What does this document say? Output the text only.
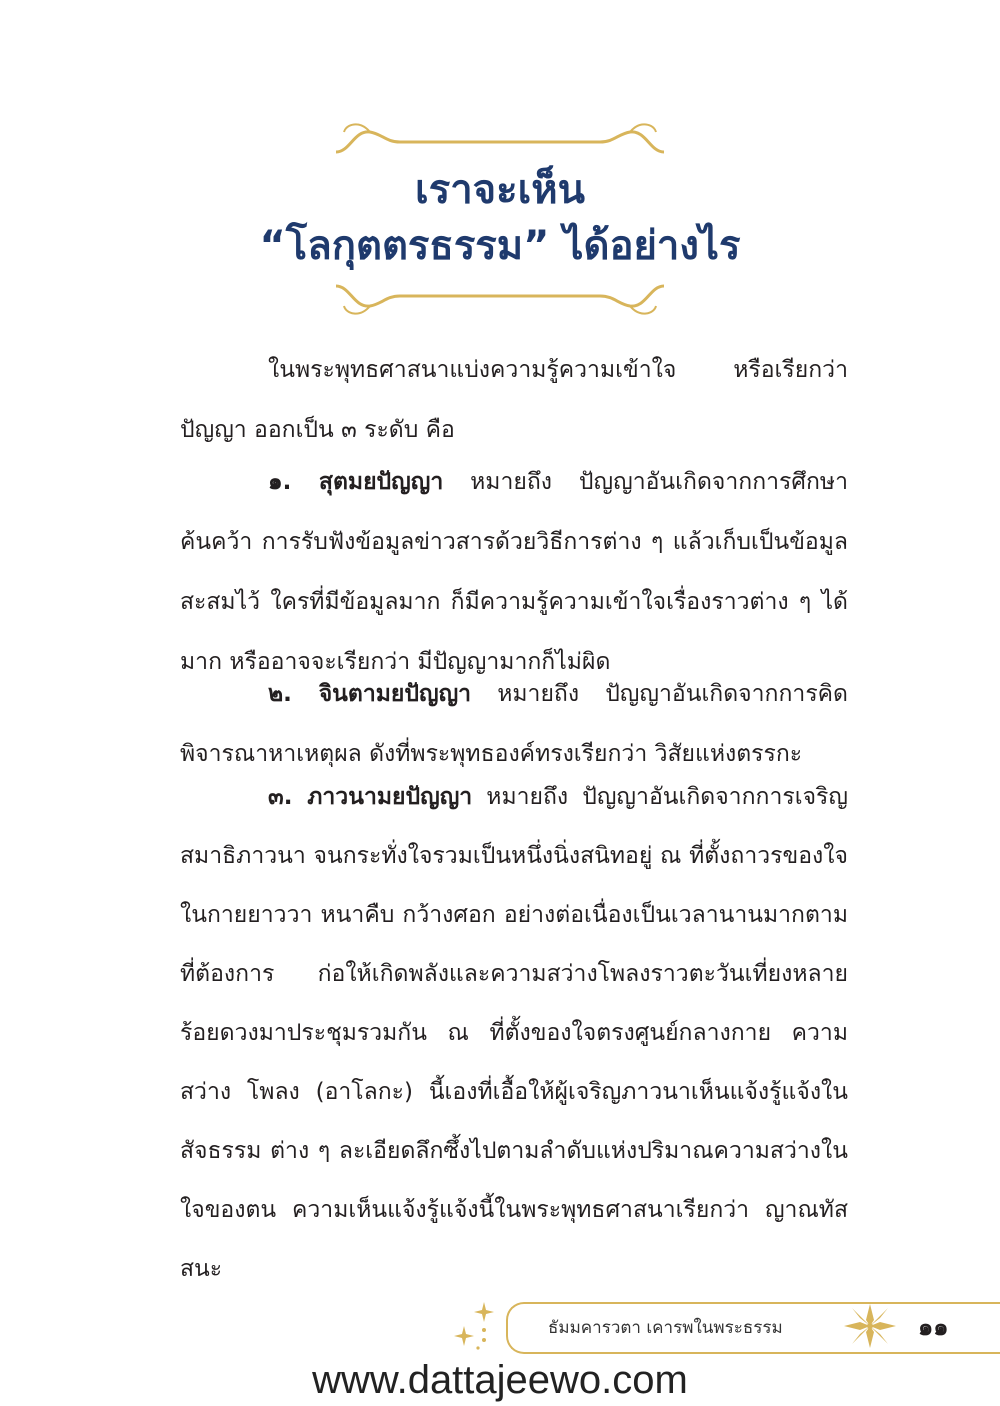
เราจะเห็น
“โลกุตตรธรรม” ได้อย่างไร

ในพระพุทธศาสนาแบ่งความรู้ความเข้าใจ หรือเรียกว่า ปัญญา ออกเป็น ๓ ระดับ คือ

๑. สุตมยปัญญา หมายถึง ปัญญาอันเกิดจากการศึกษา ค้นคว้า การรับฟังข้อมูลข่าวสารด้วยวิธีการต่าง ๆ แล้วเก็บเป็นข้อมูล สะสมไว้ ใครที่มีข้อมูลมาก ก็มีความรู้ความเข้าใจเรื่องราวต่าง ๆ ได้มาก หรืออาจจะเรียกว่า มีปัญญามากก็ไม่ผิด

๒. จินตามยปัญญา หมายถึง ปัญญาอันเกิดจากการคิด พิจารณาหาเหตุผล ดังที่พระพุทธองค์ทรงเรียกว่า วิสัยแห่งตรรกะ

๓. ภาวนามยปัญญา หมายถึง ปัญญาอันเกิดจากการเจริญ สมาธิภาวนา จนกระทั่งใจรวมเป็นหนึ่งนิ่งสนิทอยู่ ณ ที่ตั้งถาวรของใจ ในกายยาววา หนาคืบ กว้างศอก อย่างต่อเนื่องเป็นเวลานานมากตาม ที่ต้องการ ก่อให้เกิดพลังและความสว่างโพลงราวตะวันเที่ยงหลาย ร้อยดวงมาประชุมรวมกัน ณ ที่ตั้งของใจตรงศูนย์กลางกาย ความสว่าง โพลง (อาโลกะ) นี้เองที่เอื้อให้ผู้เจริญภาวนาเห็นแจ้งรู้แจ้งในสัจธรรม ต่าง ๆ ละเอียดลึกซึ้งไปตามลำดับแห่งปริมาณความสว่างในใจของตน ความเห็นแจ้งรู้แจ้งนี้ในพระพุทธศาสนาเรียกว่า ญาณทัสสนะ

ธัมมคารวตา เคารพในพระธรรม	๑๑
www.dattajeewo.com
